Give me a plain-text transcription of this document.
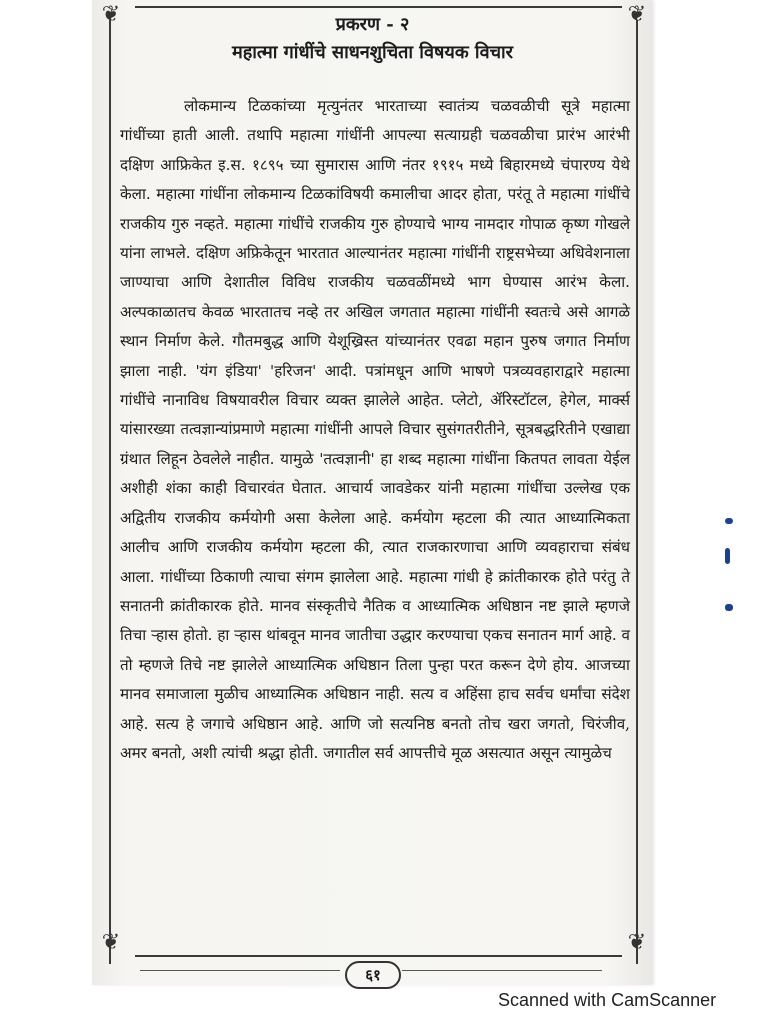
❦	❦
❦	❦
प्रकरण - २
महात्मा गांधींचे साधनशुचिता विषयक विचार

लोकमान्य टिळकांच्या मृत्युनंतर भारताच्या स्वातंत्र्य चळवळीची सूत्रे महात्मा गांधींच्या हाती आली. तथापि महात्मा गांधींनी आपल्या सत्याग्रही चळवळीचा प्रारंभ आरंभी दक्षिण आफ्रिकेत इ.स. १८९५ च्या सुमारास आणि नंतर १९१५ मध्ये बिहारमध्ये चंपारण्य येथे केला. महात्मा गांधींना लोकमान्य टिळकांविषयी कमालीचा आदर होता, परंतू ते महात्मा गांधींचे राजकीय गुरु नव्हते. महात्मा गांधींचे राजकीय गुरु होण्याचे भाग्य नामदार गोपाळ कृष्ण गोखले यांना लाभले. दक्षिण अफ्रिकेतून भारतात आल्यानंतर महात्मा गांधींनी राष्ट्रसभेच्या अधिवेशनाला जाण्याचा आणि देशातील विविध राजकीय चळवळींमध्ये भाग घेण्यास आरंभ केला. अल्पकाळातच केवळ भारतातच नव्हे तर अखिल जगतात महात्मा गांधींनी स्वतःचे असे आगळे स्थान निर्माण केले. गौतमबुद्ध आणि येशूख्रिस्त यांच्यानंतर एवढा महान पुरुष जगात निर्माण झाला नाही. 'यंग इंडिया' 'हरिजन' आदी. पत्रांमधून आणि भाषणे पत्रव्यवहाराद्वारे महात्मा गांधींचे नानाविध विषयावरील विचार व्यक्त झालेले आहेत. प्लेटो, ॲरिस्टॉटल, हेगेल, मार्क्स यांसारख्या तत्वज्ञान्यांप्रमाणे महात्मा गांधींनी आपले विचार सुसंगतरीतीने, सूत्रबद्धरितीने एखाद्या ग्रंथात लिहून ठेवलेले नाहीत. यामुळे 'तत्वज्ञानी' हा शब्द महात्मा गांधींना कितपत लावता येईल अशीही शंका काही विचारवंत घेतात. आचार्य जावडेकर यांनी महात्मा गांधींचा उल्लेख एक अद्वितीय राजकीय कर्मयोगी असा केलेला आहे. कर्मयोग म्हटला की त्यात आध्यात्मिकता आलीच आणि राजकीय कर्मयोग म्हटला की, त्यात राजकारणाचा आणि व्यवहाराचा संबंध आला. गांधींच्या ठिकाणी त्याचा संगम झालेला आहे. महात्मा गांधी हे क्रांतीकारक होते परंतु ते सनातनी क्रांतीकारक होते. मानव संस्कृतीचे नैतिक व आध्यात्मिक अधिष्ठान नष्ट झाले म्हणजे तिचा ऱ्हास होतो. हा ऱ्हास थांबवून मानव जातीचा उद्धार करण्याचा एकच सनातन मार्ग आहे. व तो म्हणजे तिचे नष्ट झालेले आध्यात्मिक अधिष्ठान तिला पुन्हा परत करून देणे होय. आजच्या मानव समाजाला मुळीच आध्यात्मिक अधिष्ठान नाही. सत्य व अहिंसा हाच सर्वच धर्मांचा संदेश आहे. सत्य हे जगाचे अधिष्ठान आहे. आणि जो सत्यनिष्ठ बनतो तोच खरा जगतो, चिरंजीव, अमर बनतो, अशी त्यांची श्रद्धा होती. जगातील सर्व आपत्तीचे मूळ असत्यात असून त्यामुळेच

६१
Scanned with CamScanner
